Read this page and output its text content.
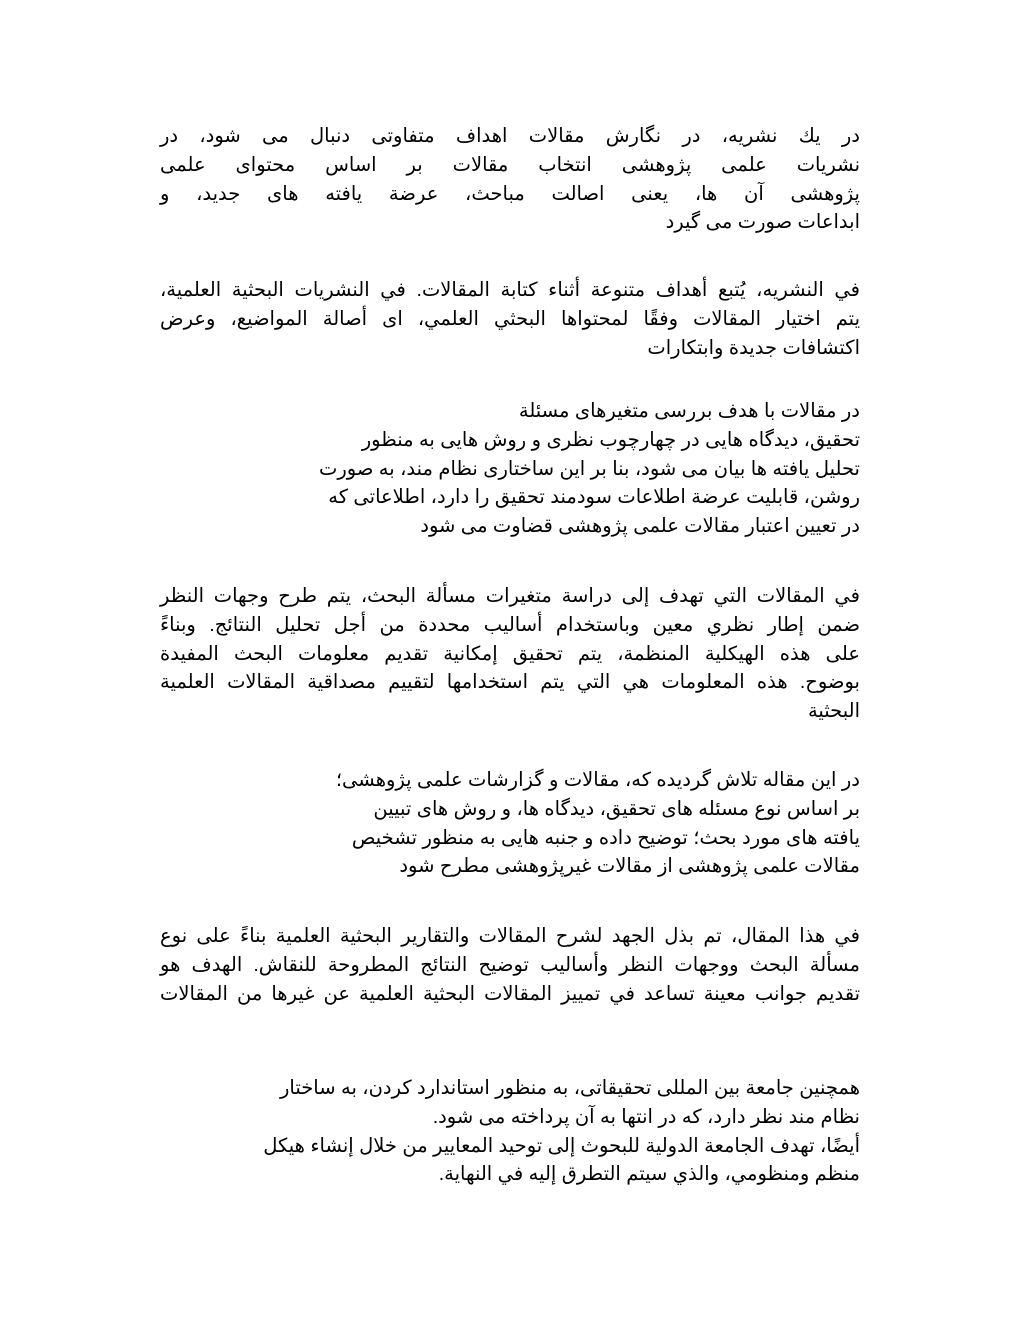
در يك نشريه، در نگارش مقالات اهداف متفاوتی دنبال می شود، در
نشريات علمی پژوهشی انتخاب مقالات بر اساس محتوای علمی
پژوهشی آن ها، يعنی اصالت مباحث، عرضة يافته های جديد، و
ابداعات صورت می گيرد
في النشريه، يُتبع أهداف متنوعة أثناء كتابة المقالات. في النشريات البحثية العلمية،
يتم اختيار المقالات وفقًا لمحتواها البحثي العلمي، اى أصالة المواضيع، وعرض
اكتشافات جديدة وابتكارات
در مقالات با هدف بررسی متغيرهای مسئلة
تحقيق، ديدگاه هايی در چهارچوب نظری و روش هايی به منظور
تحليل يافته ها بيان می شود، بنا بر اين ساختاری نظام مند، به صورت
روشن، قابليت عرضة اطلاعات سودمند تحقيق را دارد، اطلاعاتی كه
در تعيين اعتبار مقالات علمی پژوهشی قضاوت می شود
في المقالات التي تهدف إلى دراسة متغيرات مسألة البحث، يتم طرح وجهات النظر
ضمن إطار نظري معين وباستخدام أساليب محددة من أجل تحليل النتائج. وبناءً
على هذه الهيكلية المنظمة، يتم تحقيق إمكانية تقديم معلومات البحث المفيدة
بوضوح. هذه المعلومات هي التي يتم استخدامها لتقييم مصداقية المقالات العلمية
البحثية
در اين مقاله تلاش گرديده كه، مقالات و گزارشات علمی پژوهشی؛
بر اساس نوع مسئله های تحقيق، ديدگاه ها، و روش های تبيين
يافته های مورد بحث؛ توضيح داده و جنبه هايی به منظور تشخيص
مقالات علمی پژوهشی از مقالات غيرپژوهشی مطرح شود
في هذا المقال، تم بذل الجهد لشرح المقالات والتقارير البحثية العلمية بناءً على نوع
مسألة البحث ووجهات النظر وأساليب توضيح النتائج المطروحة للنقاش. الهدف هو
تقديم جوانب معينة تساعد في تمييز المقالات البحثية العلمية عن غيرها من المقالات
همچنين جامعة بين المللی تحقيقاتی، به منظور استاندارد كردن، به ساختار
نظام مند نظر دارد، كه در انتها به آن پرداخته می شود.
أيضًا، تهدف الجامعة الدولية للبحوث إلى توحيد المعايير من خلال إنشاء هيكل
منظم ومنظومي، والذي سيتم التطرق إليه في النهاية.
